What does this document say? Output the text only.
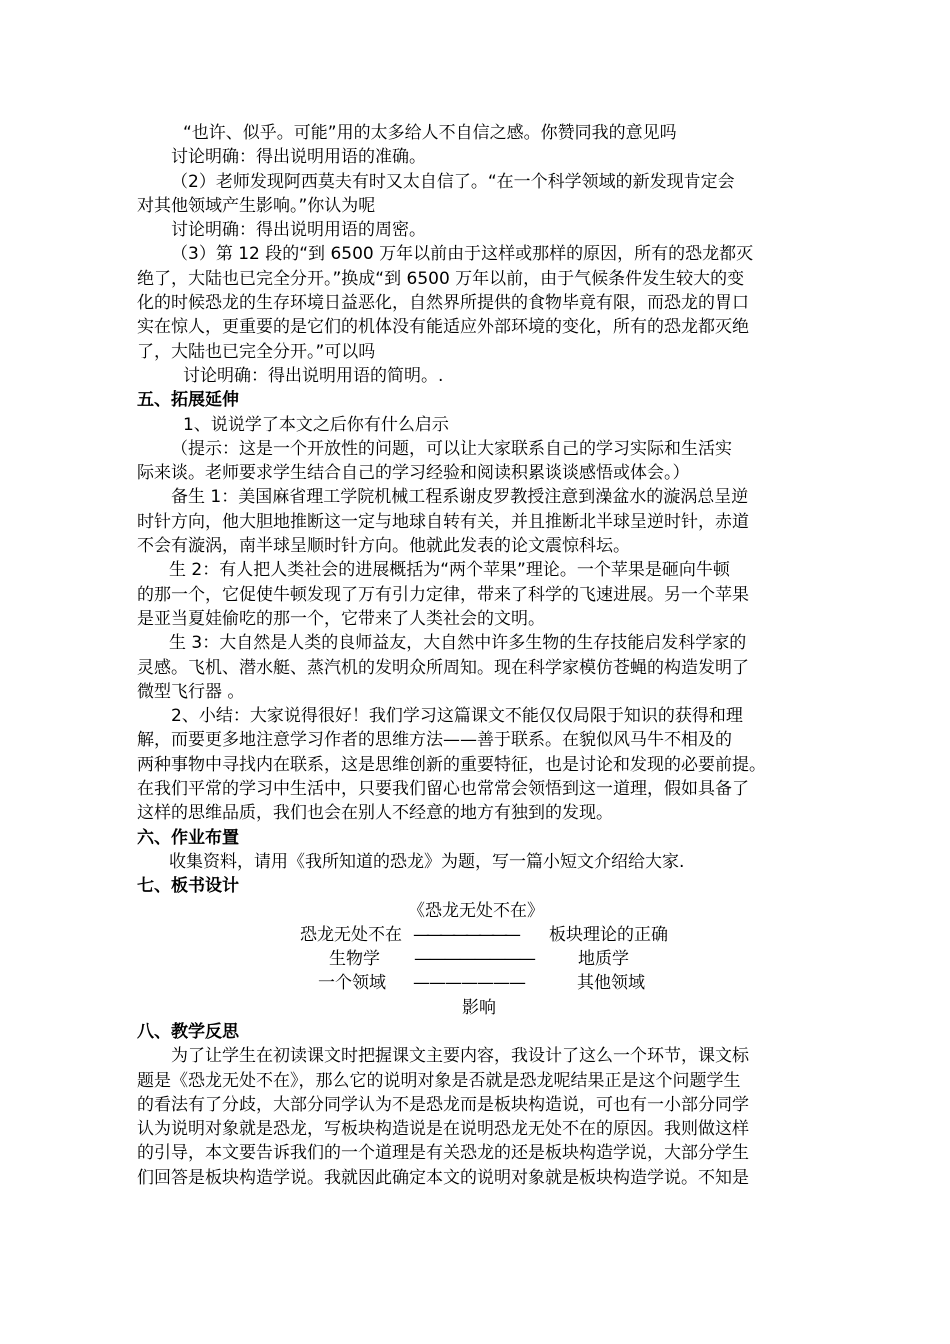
“也许、似乎。可能”用的太多给人不自信之感。你赞同我的意见吗
讨论明确：得出说明用语的准确。
（2）老师发现阿西莫夫有时又太自信了。“在一个科学领域的新发现肯定会
对其他领域产生影响。”你认为呢
讨论明确：得出说明用语的周密。
（3）第 12 段的“到 6500 万年以前由于这样或那样的原因，所有的恐龙都灭
绝了，大陆也已完全分开。”换成“到 6500 万年以前，由于气候条件发生较大的变
化的时候恐龙的生存环境日益恶化，自然界所提供的食物毕竟有限，而恐龙的胃口
实在惊人，更重要的是它们的机体没有能适应外部环境的变化，所有的恐龙都灭绝
了，大陆也已完全分开。”可以吗
讨论明确：得出说明用语的简明。.
五、拓展延伸
1、说说学了本文之后你有什么启示
（提示：这是一个开放性的问题，可以让大家联系自己的学习实际和生活实
际来谈。老师要求学生结合自己的学习经验和阅读积累谈谈感悟或体会。）
备生 1：美国麻省理工学院机械工程系谢皮罗教授注意到澡盆水的漩涡总呈逆
时针方向，他大胆地推断这一定与地球自转有关，并且推断北半球呈逆时针，赤道
不会有漩涡，南半球呈顺时针方向。他就此发表的论文震惊科坛。
生 2：有人把人类社会的进展概括为“两个苹果”理论。一个苹果是砸向牛顿
的那一个，它促使牛顿发现了万有引力定律，带来了科学的飞速进展。另一个苹果
是亚当夏娃偷吃的那一个，它带来了人类社会的文明。
生 3：大自然是人类的良师益友，大自然中许多生物的生存技能启发科学家的
灵感。飞机、潜水艇、蒸汽机的发明众所周知。现在科学家模仿苍蝇的构造发明了
微型飞行器 。
2、小结：大家说得很好！我们学习这篇课文不能仅仅局限于知识的获得和理
解，而要更多地注意学习作者的思维方法——善于联系。在貌似风马牛不相及的
两种事物中寻找内在联系，这是思维创新的重要特征，也是讨论和发现的必要前提。
在我们平常的学习中生活中，只要我们留心也常常会领悟到这一道理，假如具备了
这样的思维品质，我们也会在别人不经意的地方有独到的发现。
六、作业布置
收集资料，请用《我所知道的恐龙》为题，写一篇小短文介绍给大家.
七、板书设计
《恐龙无处不在》
恐龙无处不在 ———————— 板块理论的正确
生物学 ————————	地质学
一个领域 ———————	其他领域
影响
八、教学反思
为了让学生在初读课文时把握课文主要内容，我设计了这么一个环节，课文标
题是《恐龙无处不在》，那么它的说明对象是否就是恐龙呢结果正是这个问题学生
的看法有了分歧，大部分同学认为不是恐龙而是板块构造说，可也有一小部分同学
认为说明对象就是恐龙，写板块构造说是在说明恐龙无处不在的原因。我则做这样
的引导，本文要告诉我们的一个道理是有关恐龙的还是板块构造学说，大部分学生
们回答是板块构造学说。我就因此确定本文的说明对象就是板块构造学说。不知是
